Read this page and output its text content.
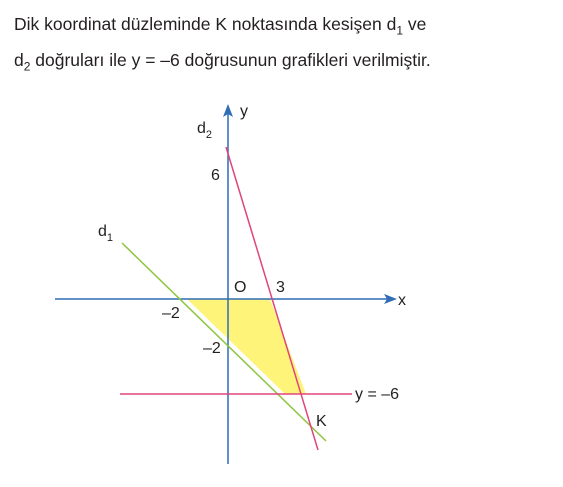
Dik koordinat düzleminde K noktasında kesişen $d_1$ ve
$d_2$ doğruları ile y = –6 doğrusunun grafikleri verilmiştir.

x
y
O
–2
3
6
–2
$d_1$
$d_2$
y = –6
K
